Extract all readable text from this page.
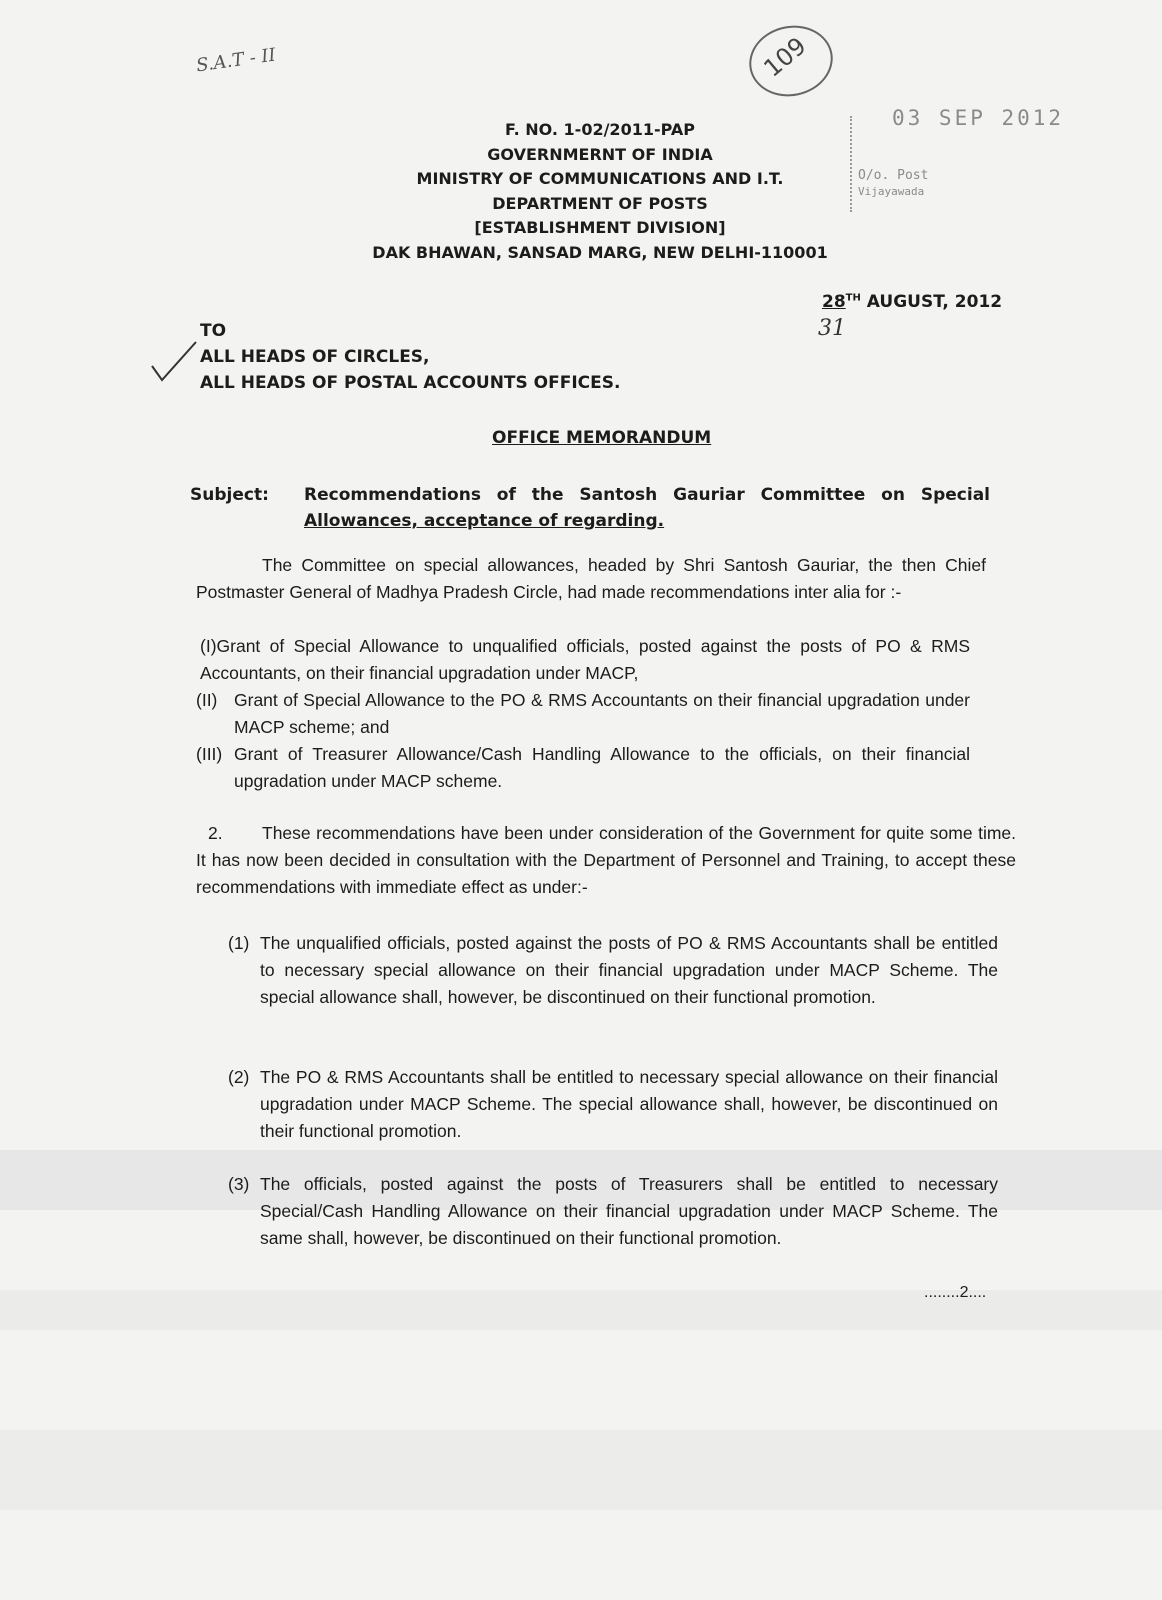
S.A.T - II	109
03 SEP 2012
O/o. Post
Vijayawada
F. NO. 1-02/2011-PAP
GOVERNMERNT OF INDIA
MINISTRY OF COMMUNICATIONS AND I.T.
DEPARTMENT OF POSTS
[ESTABLISHMENT DIVISION]
DAK BHAWAN, SANSAD MARG, NEW DELHI-110001
28TH AUGUST, 2012
31
TO
ALL HEADS OF CIRCLES,
ALL HEADS OF POSTAL ACCOUNTS OFFICES.
OFFICE MEMORANDUM
Subject: Recommendations of the Santosh Gauriar Committee on Special
Allowances, acceptance of regarding.
The Committee on special allowances, headed by Shri Santosh Gauriar, the then Chief Postmaster General of Madhya Pradesh Circle, had made recommendations inter alia for :-
(I)Grant of Special Allowance to unqualified officials, posted against the posts of PO & RMS Accountants, on their financial upgradation under MACP,
(II) Grant of Special Allowance to the PO & RMS Accountants on their financial upgradation under MACP scheme; and
(III) Grant of Treasurer Allowance/Cash Handling Allowance to the officials, on their financial upgradation under MACP scheme.
2. These recommendations have been under consideration of the Government for quite some time. It has now been decided in consultation with the Department of Personnel and Training, to accept these recommendations with immediate effect as under:-
(1) The unqualified officials, posted against the posts of PO & RMS Accountants shall be entitled to necessary special allowance on their financial upgradation under MACP Scheme. The special allowance shall, however, be discontinued on their functional promotion.
(2) The PO & RMS Accountants shall be entitled to necessary special allowance on their financial upgradation under MACP Scheme. The special allowance shall, however, be discontinued on their functional promotion.
(3) The officials, posted against the posts of Treasurers shall be entitled to necessary Special/Cash Handling Allowance on their financial upgradation under MACP Scheme. The same shall, however, be discontinued on their functional promotion.
........2....
